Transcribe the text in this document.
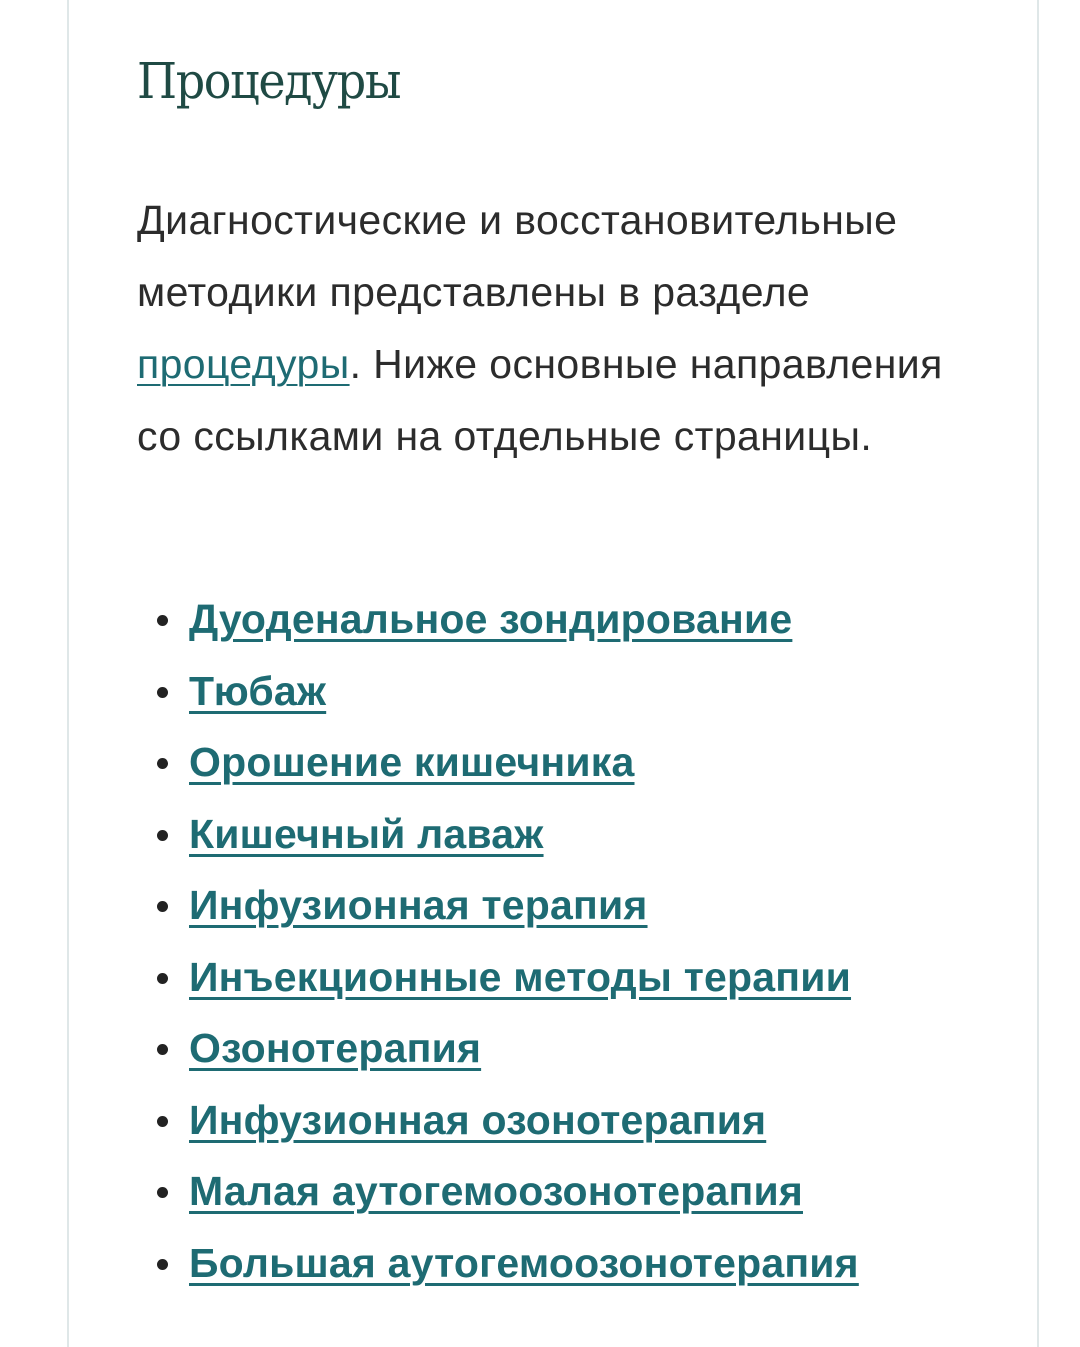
Процедуры

Диагностические и восстановительные методики представлены в разделе процедуры. Ниже основные направления со ссылками на отдельные страницы.

Дуоденальное зондирование
Тюбаж
Орошение кишечника
Кишечный лаваж
Инфузионная терапия
Инъекционные методы терапии
Озонотерапия
Инфузионная озонотерапия
Малая аутогемоозонотерапия
Большая аутогемоозонотерапия
